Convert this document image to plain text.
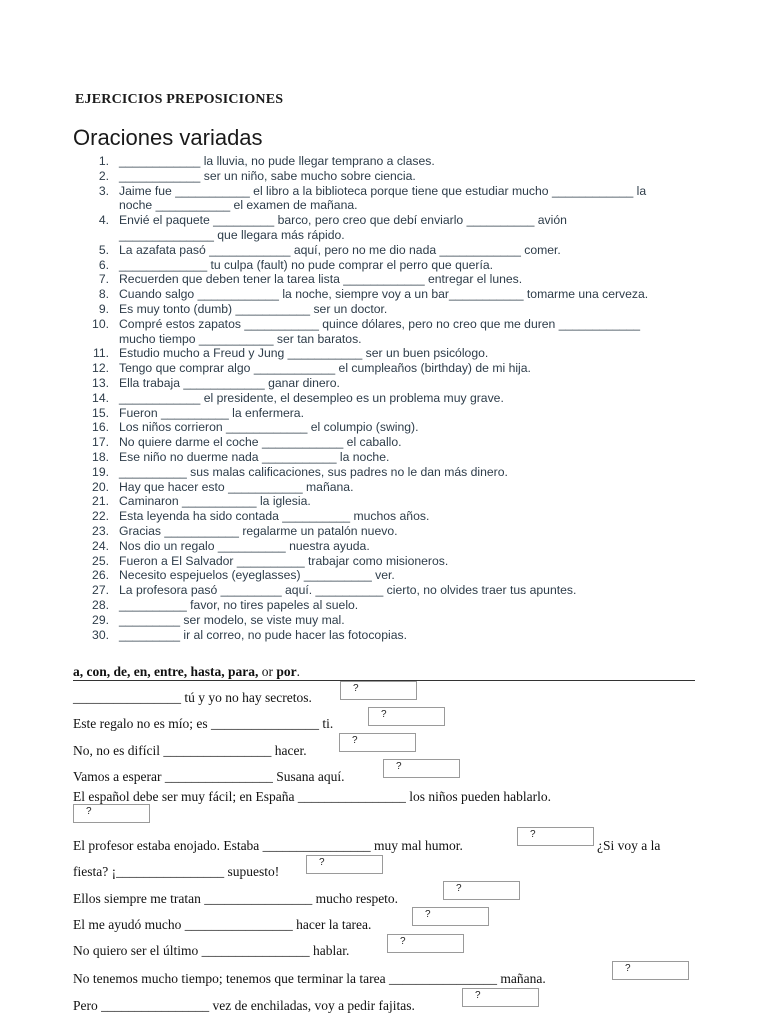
EJERCICIOS PREPOSICIONES
Oraciones variadas
1. ____________ la lluvia, no pude llegar temprano a clases.
2. ____________ ser un niño, sabe mucho sobre ciencia.
3. Jaime fue ___________ el libro a la biblioteca porque tiene que estudiar mucho ____________ la
noche ___________ el examen de mañana.
4. Envié el paquete _________ barco, pero creo que debí enviarlo __________ avión
______________ que llegara más rápido.
5. La azafata pasó ____________ aquí, pero no me dio nada ____________ comer.
6. _____________ tu culpa (fault) no pude comprar el perro que quería.
7. Recuerden que deben tener la tarea lista ____________ entregar el lunes.
8. Cuando salgo ____________ la noche, siempre voy a un bar___________ tomarme una cerveza.
9. Es muy tonto (dumb) ___________ ser un doctor.
10. Compré estos zapatos ___________ quince dólares, pero no creo que me duren ____________
mucho tiempo ___________ ser tan baratos.
11. Estudio mucho a Freud y Jung ___________ ser un buen psicólogo.
12. Tengo que comprar algo ____________ el cumpleaños (birthday) de mi hija.
13. Ella trabaja ____________ ganar dinero.
14. ____________ el presidente, el desempleo es un problema muy grave.
15. Fueron __________ la enfermera.
16. Los niños corrieron ____________ el columpio (swing).
17. No quiere darme el coche ____________ el caballo.
18. Ese niño no duerme nada ___________ la noche.
19. __________ sus malas calificaciones, sus padres no le dan más dinero.
20. Hay que hacer esto ___________ mañana.
21. Caminaron ___________ la iglesia.
22. Esta leyenda ha sido contada __________ muchos años.
23. Gracias ___________ regalarme un patalón nuevo.
24. Nos dio un regalo __________ nuestra ayuda.
25. Fueron a El Salvador __________ trabajar como misioneros.
26. Necesito espejuelos (eyeglasses) __________ ver.
27. La profesora pasó _________ aquí. __________ cierto, no olvides traer tus apuntes.
28. __________ favor, no tires papeles al suelo.
29. _________ ser modelo, se viste muy mal.
30. _________ ir al correo, no pude hacer las fotocopias.
a, con, de, en, entre, hasta, para, or por.
________________ tú y yo no hay secretos.
?
Este regalo no es mío; es ________________ ti.
?
No, no es difícil ________________ hacer.
?
Vamos a esperar ________________ Susana aquí.
?
El español debe ser muy fácil; en España ________________ los niños pueden hablarlo.
?
El profesor estaba enojado. Estaba ________________ muy mal humor.
?
¿Si voy a la
fiesta? ¡________________ supuesto!
?
Ellos siempre me tratan ________________ mucho respeto.
?
El me ayudó mucho ________________ hacer la tarea.
?
No quiero ser el último ________________ hablar.
?
No tenemos mucho tiempo; tenemos que terminar la tarea ________________ mañana.
?
Pero ________________ vez de enchiladas, voy a pedir fajitas.
?
